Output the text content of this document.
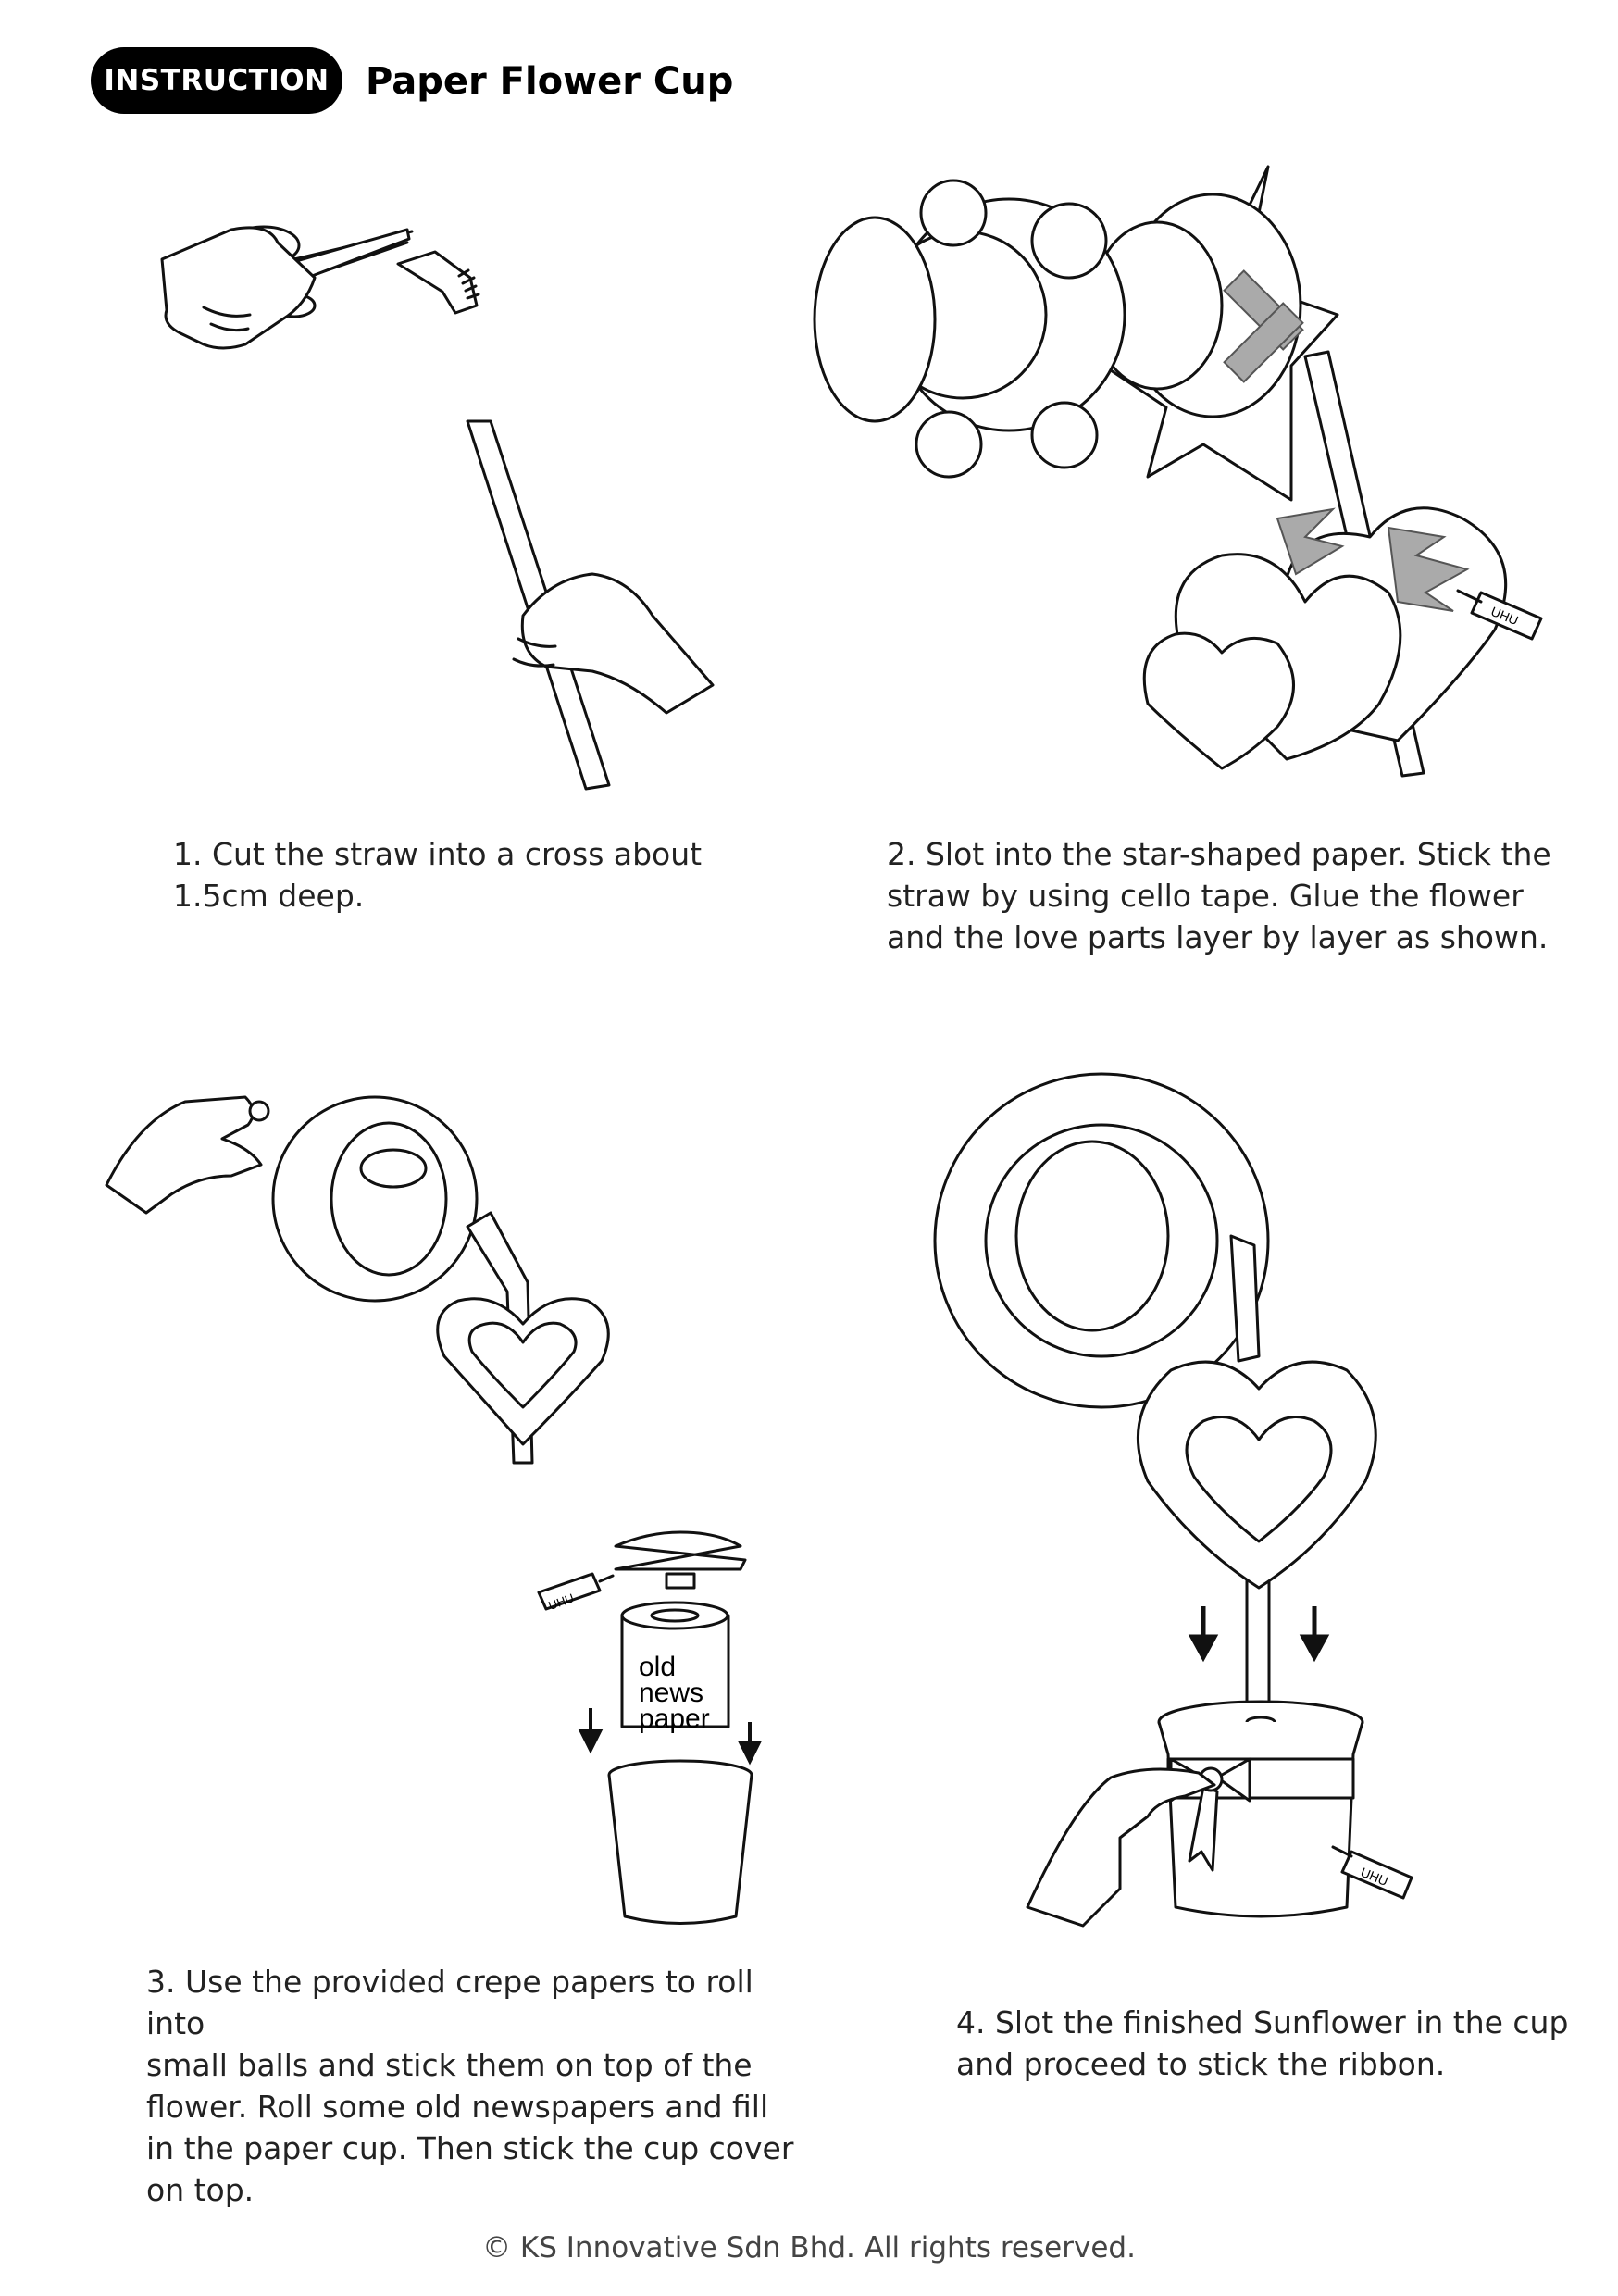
INSTRUCTION Paper Flower Cup
UHU
UHU
old
news
paper
UHU
1. Cut the straw into a cross about
1.5cm deep.
2. Slot into the star-shaped paper. Stick the
straw by using cello tape. Glue the flower
and the love parts layer by layer as shown.
3. Use the provided crepe papers to roll into
small balls and stick them on top of the
flower. Roll some old newspapers and fill
in the paper cup. Then stick the cup cover
on top.
4. Slot the finished Sunflower in the cup
and proceed to stick the ribbon.
© KS Innovative Sdn Bhd. All rights reserved.
